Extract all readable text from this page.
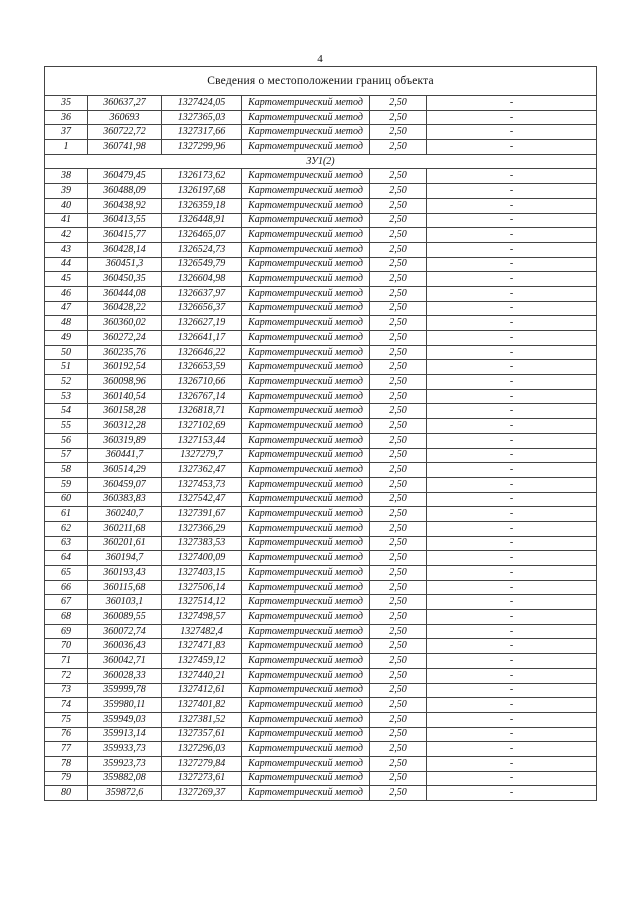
4
Сведения о местоположении границ объекта					
35	360637,27	1327424,05	Картометрический метод	2,50	-
36	360693	1327365,03	Картометрический метод	2,50	-
37	360722,72	1327317,66	Картометрический метод	2,50	-
1	360741,98	1327299,96	Картометрический метод	2,50	-
ЗУ1(2)					
38	360479,45	1326173,62	Картометрический метод	2,50	-
39	360488,09	1326197,68	Картометрический метод	2,50	-
40	360438,92	1326359,18	Картометрический метод	2,50	-
41	360413,55	1326448,91	Картометрический метод	2,50	-
42	360415,77	1326465,07	Картометрический метод	2,50	-
43	360428,14	1326524,73	Картометрический метод	2,50	-
44	360451,3	1326549,79	Картометрический метод	2,50	-
45	360450,35	1326604,98	Картометрический метод	2,50	-
46	360444,08	1326637,97	Картометрический метод	2,50	-
47	360428,22	1326656,37	Картометрический метод	2,50	-
48	360360,02	1326627,19	Картометрический метод	2,50	-
49	360272,24	1326641,17	Картометрический метод	2,50	-
50	360235,76	1326646,22	Картометрический метод	2,50	-
51	360192,54	1326653,59	Картометрический метод	2,50	-
52	360098,96	1326710,66	Картометрический метод	2,50	-
53	360140,54	1326767,14	Картометрический метод	2,50	-
54	360158,28	1326818,71	Картометрический метод	2,50	-
55	360312,28	1327102,69	Картометрический метод	2,50	-
56	360319,89	1327153,44	Картометрический метод	2,50	-
57	360441,7	1327279,7	Картометрический метод	2,50	-
58	360514,29	1327362,47	Картометрический метод	2,50	-
59	360459,07	1327453,73	Картометрический метод	2,50	-
60	360383,83	1327542,47	Картометрический метод	2,50	-
61	360240,7	1327391,67	Картометрический метод	2,50	-
62	360211,68	1327366,29	Картометрический метод	2,50	-
63	360201,61	1327383,53	Картометрический метод	2,50	-
64	360194,7	1327400,09	Картометрический метод	2,50	-
65	360193,43	1327403,15	Картометрический метод	2,50	-
66	360115,68	1327506,14	Картометрический метод	2,50	-
67	360103,1	1327514,12	Картометрический метод	2,50	-
68	360089,55	1327498,57	Картометрический метод	2,50	-
69	360072,74	1327482,4	Картометрический метод	2,50	-
70	360036,43	1327471,83	Картометрический метод	2,50	-
71	360042,71	1327459,12	Картометрический метод	2,50	-
72	360028,33	1327440,21	Картометрический метод	2,50	-
73	359999,78	1327412,61	Картометрический метод	2,50	-
74	359980,11	1327401,82	Картометрический метод	2,50	-
75	359949,03	1327381,52	Картометрический метод	2,50	-
76	359913,14	1327357,61	Картометрический метод	2,50	-
77	359933,73	1327296,03	Картометрический метод	2,50	-
78	359923,73	1327279,84	Картометрический метод	2,50	-
79	359882,08	1327273,61	Картометрический метод	2,50	-
80	359872,6	1327269,37	Картометрический метод	2,50	-
